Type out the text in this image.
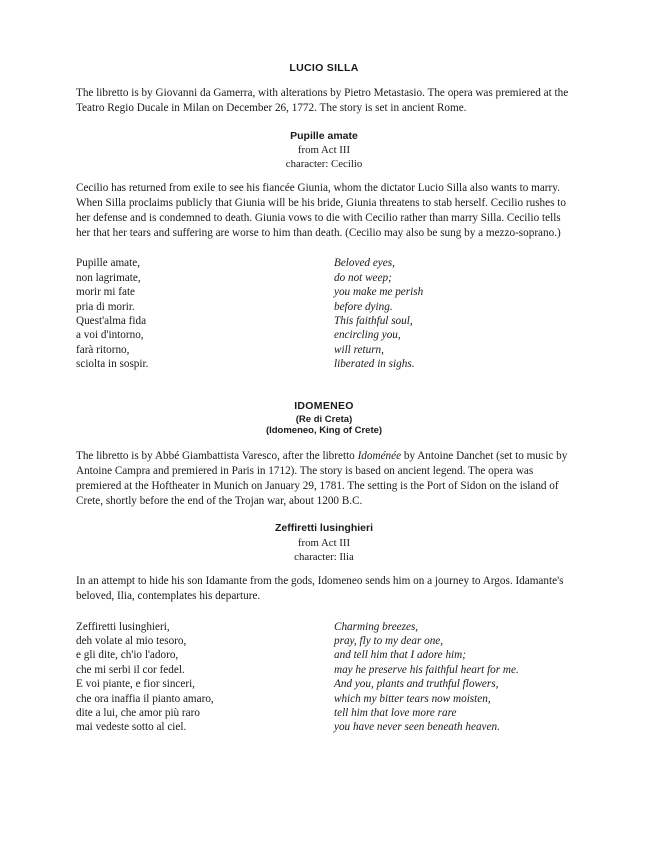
LUCIO SILLA

The libretto is by Giovanni da Gamerra, with alterations by Pietro Metastasio. The opera was premiered at the Teatro Regio Ducale in Milan on December 26, 1772. The story is set in ancient Rome.

Pupille amate
from Act III
character: Cecilio

Cecilio has returned from exile to see his fiancée Giunia, whom the dictator Lucio Silla also wants to marry. When Silla proclaims publicly that Giunia will be his bride, Giunia threatens to stab herself. Cecilio rushes to her defense and is condemned to death. Giunia vows to die with Cecilio rather than marry Silla. Cecilio tells her that her tears and suffering are worse to him than death. (Cecilio may also be sung by a mezzo-soprano.)

Pupille amate,
non lagrimate,
morir mi fate
pria di morir.
Quest'alma fida
a voi d'intorno,
farà ritorno,
sciolta in sospir.
Beloved eyes,
do not weep;
you make me perish
before dying.
This faithful soul,
encircling you,
will return,
liberated in sighs.
IDOMENEO
(Re di Creta)
(Idomeneo, King of Crete)

The libretto is by Abbé Giambattista Varesco, after the libretto Idoménée by Antoine Danchet (set to music by Antoine Campra and premiered in Paris in 1712). The story is based on ancient legend. The opera was premiered at the Hoftheater in Munich on January 29, 1781. The setting is the Port of Sidon on the island of Crete, shortly before the end of the Trojan war, about 1200 B.C.

Zeffiretti lusinghieri
from Act III
character: Ilia

In an attempt to hide his son Idamante from the gods, Idomeneo sends him on a journey to Argos. Idamante's beloved, Ilia, contemplates his departure.

Zeffiretti lusinghieri,
deh volate al mio tesoro,
e gli dite, ch'io l'adoro,
che mi serbi il cor fedel.
E voi piante, e fior sinceri,
che ora inaffia il pianto amaro,
dite a lui, che amor più raro
mai vedeste sotto al ciel.
Charming breezes,
pray, fly to my dear one,
and tell him that I adore him;
may he preserve his faithful heart for me.
And you, plants and truthful flowers,
which my bitter tears now moisten,
tell him that love more rare
you have never seen beneath heaven.
